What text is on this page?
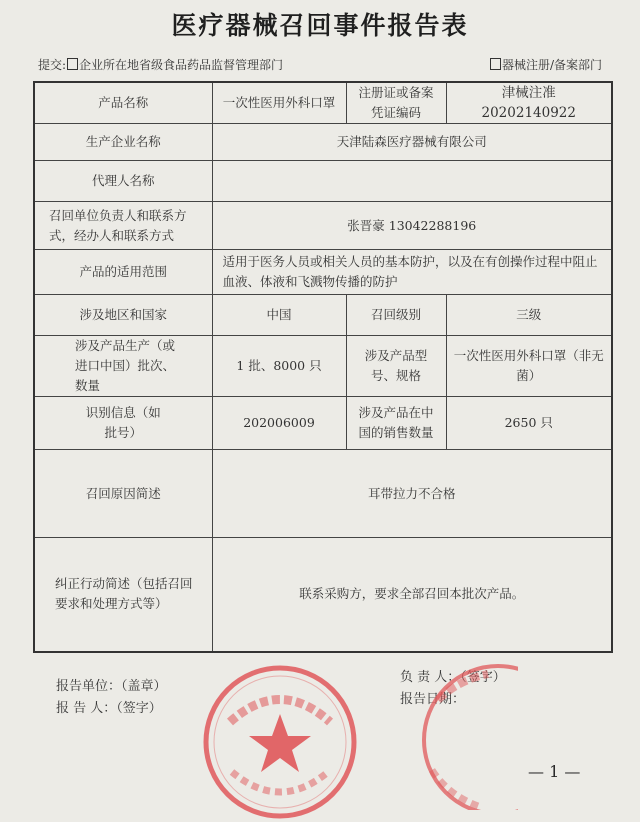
医疗器械召回事件报告表
提交: 企业所在地省级食品药品监督管理部门	器械注册/备案部门
产品名称	一次性医用外科口罩	注册证或备案凭证编码	津械注准 20202140922
生产企业名称	天津陆森医疗器械有限公司		
代理人名称			
召回单位负责人和联系方式，经办人和联系方式	张晋豪 13042288196		
产品的适用范围	适用于医务人员或相关人员的基本防护，以及在有创操作过程中阻止血液、体液和飞溅物传播的防护		
涉及地区和国家	中国	召回级别	三级
涉及产品生产（或进口中国）批次、数量	1 批、8000 只	涉及产品型号、规格	一次性医用外科口罩（非无菌）
识别信息（如批号）	202006009	涉及产品在中国的销售数量	2650 只
召回原因简述	耳带拉力不合格		
纠正行动简述（包括召回要求和处理方式等）	联系采购方，要求全部召回本批次产品。		
报告单位：（盖章）
报 告 人：（签字）
负 责 人：（签字）
报告日期：
— 1 —
